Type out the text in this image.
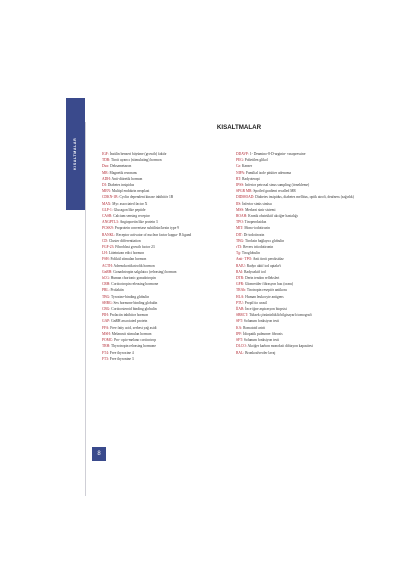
KISALTMALAR
8
KISALTMALAR
IGF: İnsülin benzeri büyüme (growth) faktör
TDB: Tiroit uyarıcı (stimulating) hormon
Dux: Deksametazon
MR: Magnetik rezonans
ADH: Anti-diüretik hormon
DI: Diabetes insipidus
MEN: Multipl endokrin neoplazi
CDKN-1B: Cyclin dependent kinase inhibitör 1B
MAX: Myc associated factor X
GLP-1: Glucagon like peptide
CASR: Calcium sensing receptor
ANGPTL3: Angiopoetin like protein 3
PCSK9: Proprotein convertase subtilisin/kexin type 9
RANKL: Receptor activator of nuclear factor kappa- B ligand
CD: Cluster differentiation
FGF-23: Fibroblast growth factor 23
LH: Lüteinizan edici hormon
FSH: Folikül stimulan hormon
ACTH: Adrenokortikotrofik hormon
GnRH: Gonadotropin salgılatıcı (releasing) hormon
hCG: Human chorionic gonadotropin
CRH: Corticotropin releasing hormone
PRL: Prolaktin
TBG: Tyroxine-binding globulin
SHBG: Sex hormone binding globulin
CBG: Corticosteroid binding globulin
PIH: Prolactin inhibitor hormon
GAP: GnRH associated protein
FFA: Free fatty acid, serbest yağ asidi
MSH: Melanosit stimulan hormon
POMC: Pro- opio-melano corticotrop
TRH: Thyrotropin releasing hormone
FT4: Free thyroxine 4
FT3: Free thyronine 3
DDAVP: 1- Deamino-8-D-arginin- vasopressine
PEG: Polietilen glikol
Ca: Kanser
NIPA: Familial izole pitüiter adenoma
RT: Radyoterapi
IPSS: Inferior petrosal sinus sampling (örnekleme)
SPGR MR: Spoiled gradient recalled MR
DIDMOAD: Diabetes insipidus, diabetes mellitus, optik atrofi, deafness (sağırlık)
IIS: İnferior sinüs sinüsu
MSS: Merkezi sinir sistemi
ROAH: Kronik obstrüktif akciğer hastalığı
TPO: Tiroperoksidaz
MIT: Mono-iodotirozin
DIT: Di-iodotirozin
TBG: Tiroksin bağlayıcı globulin
rT3: Revers triiodotironin
Tg: Tiroglobulin
Anti- TPO: Anti tiroit peroksidaz
RAIU: Radyo aktif iod uptake'i
RAI: Radyoaktif iod
DTR: Derin tendon refleksleri
GFR: Glomerüler filtrasyon hızı (oranı)
TRAb: Tirotropin reseptör antikoru
HLA: Human leukocyte antigens
PTU: Propil tio urasil
İİAB: İnce iğne aspirasyon biopsisi
SBRCT: Tüksek çözünürlüklü bilgisayarlı tomografi
SFT: Solunum fonksiyon testi
KA: Romatoid artrit
IPF: İdiopatik pulmoner fibrozis
SFT: Solunum fonksiyon testi
DLCO: Akciğer karbon monoksit difüzyon kapasitesi
BAL: Bronkoalveoler lavaj
